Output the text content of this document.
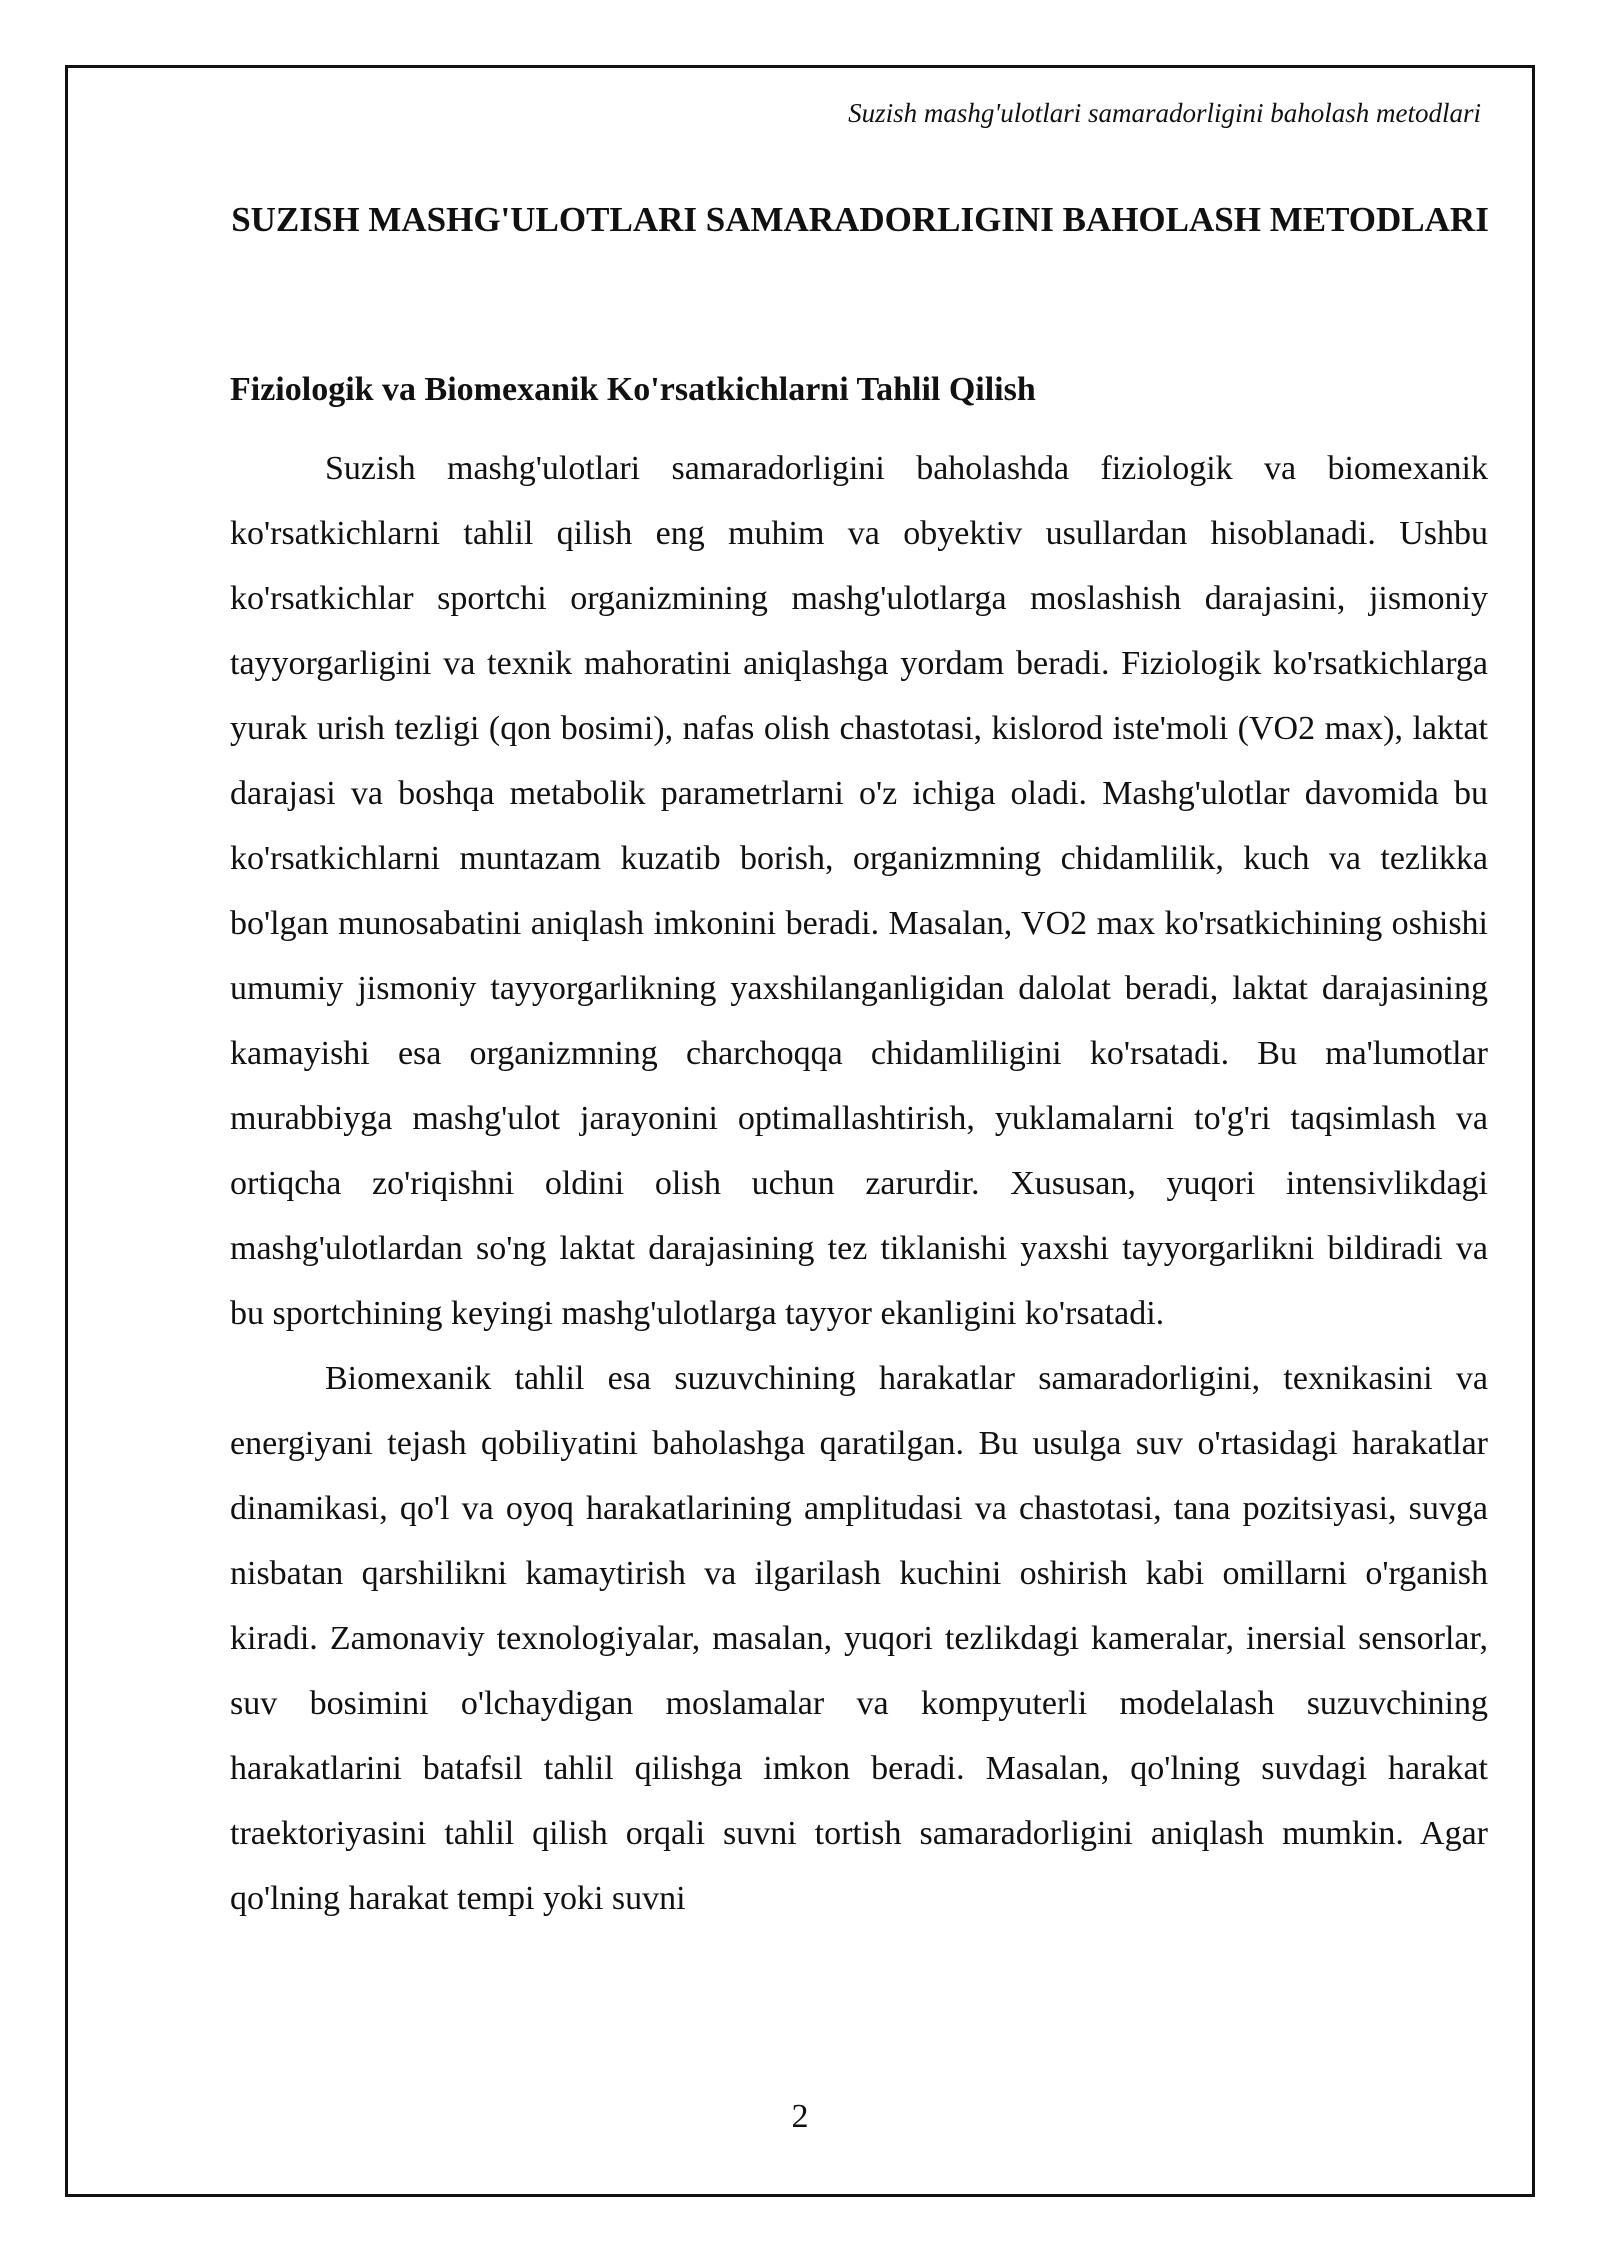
Suzish mashg'ulotlari samaradorligini baholash metodlari
SUZISH MASHG'ULOTLARI SAMARADORLIGINI BAHOLASH METODLARI
Fiziologik va Biomexanik Ko'rsatkichlarni Tahlil Qilish

Suzish mashg'ulotlari samaradorligini baholashda fiziologik va biomexanik ko'rsatkichlarni tahlil qilish eng muhim va obyektiv usullardan hisoblanadi. Ushbu ko'rsatkichlar sportchi organizmining mashg'ulotlarga moslashish darajasini, jismoniy tayyorgarligini va texnik mahoratini aniqlashga yordam beradi. Fiziologik ko'rsatkichlarga yurak urish tezligi (qon bosimi), nafas olish chastotasi, kislorod iste'moli (VO2 max), laktat darajasi va boshqa metabolik parametrlarni o'z ichiga oladi. Mashg'ulotlar davomida bu ko'rsatkichlarni muntazam kuzatib borish, organizmning chidamlilik, kuch va tezlikka bo'lgan munosabatini aniqlash imkonini beradi. Masalan, VO2 max ko'rsatkichining oshishi umumiy jismoniy tayyorgarlikning yaxshilanganligidan dalolat beradi, laktat darajasining kamayishi esa organizmning charchoqqa chidamliligini ko'rsatadi. Bu ma'lumotlar murabbiyga mashg'ulot jarayonini optimallashtirish, yuklamalarni to'g'ri taqsimlash va ortiqcha zo'riqishni oldini olish uchun zarurdir. Xususan, yuqori intensivlikdagi mashg'ulotlardan so'ng laktat darajasining tez tiklanishi yaxshi tayyorgarlikni bildiradi va bu sportchining keyingi mashg'ulotlarga tayyor ekanligini ko'rsatadi.

Biomexanik tahlil esa suzuvchining harakatlar samaradorligini, texnikasini va energiyani tejash qobiliyatini baholashga qaratilgan. Bu usulga suv o'rtasidagi harakatlar dinamikasi, qo'l va oyoq harakatlarining amplitudasi va chastotasi, tana pozitsiyasi, suvga nisbatan qarshilikni kamaytirish va ilgarilash kuchini oshirish kabi omillarni o'rganish kiradi. Zamonaviy texnologiyalar, masalan, yuqori tezlikdagi kameralar, inersial sensorlar, suv bosimini o'lchaydigan moslamalar va kompyuterli modelalash suzuvchining harakatlarini batafsil tahlil qilishga imkon beradi. Masalan, qo'lning suvdagi harakat traektoriyasini tahlil qilish orqali suvni tortish samaradorligini aniqlash mumkin. Agar qo'lning harakat tempi yoki suvni

2
